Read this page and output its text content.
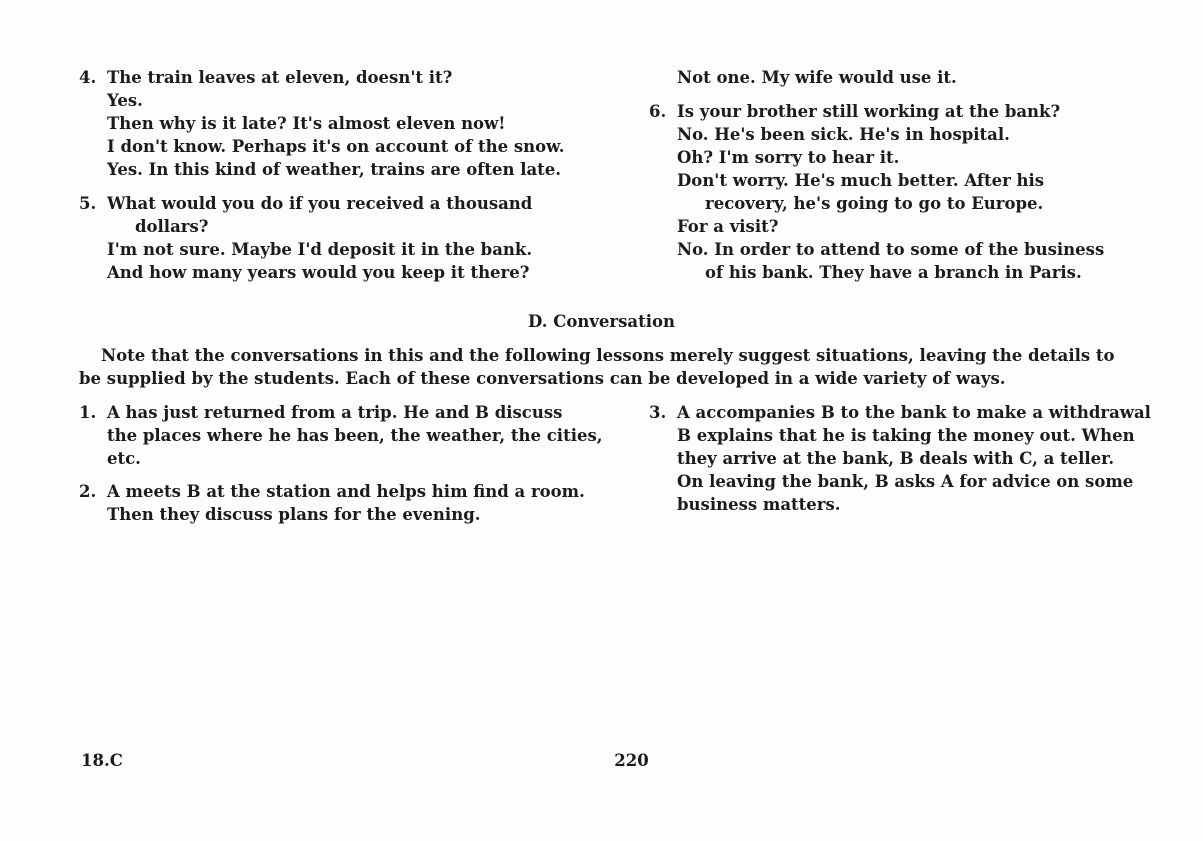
4. The train leaves at eleven, doesn't it?
Yes.
Then why is it late? It's almost eleven now!
I don't know. Perhaps it's on account of the snow.
Yes. In this kind of weather, trains are often late.
5. What would you do if you received a thousand
dollars?
I'm not sure. Maybe I'd deposit it in the bank.
And how many years would you keep it there?
Not one. My wife would use it.
6. Is your brother still working at the bank?
No. He's been sick. He's in hospital.
Oh? I'm sorry to hear it.
Don't worry. He's much better. After his
recovery, he's going to go to Europe.
For a visit?
No. In order to attend to some of the business
of his bank. They have a branch in Paris.
D. Conversation
Note that the conversations in this and the following lessons merely suggest situations, leaving the details to
be supplied by the students. Each of these conversations can be developed in a wide variety of ways.
1. A has just returned from a trip. He and B discuss
the places where he has been, the weather, the cities,
etc.
2. A meets B at the station and helps him find a room.
Then they discuss plans for the evening.
3. A accompanies B to the bank to make a withdrawal
B explains that he is taking the money out. When
they arrive at the bank, B deals with C, a teller.
On leaving the bank, B asks A for advice on some
business matters.
18.C	220
